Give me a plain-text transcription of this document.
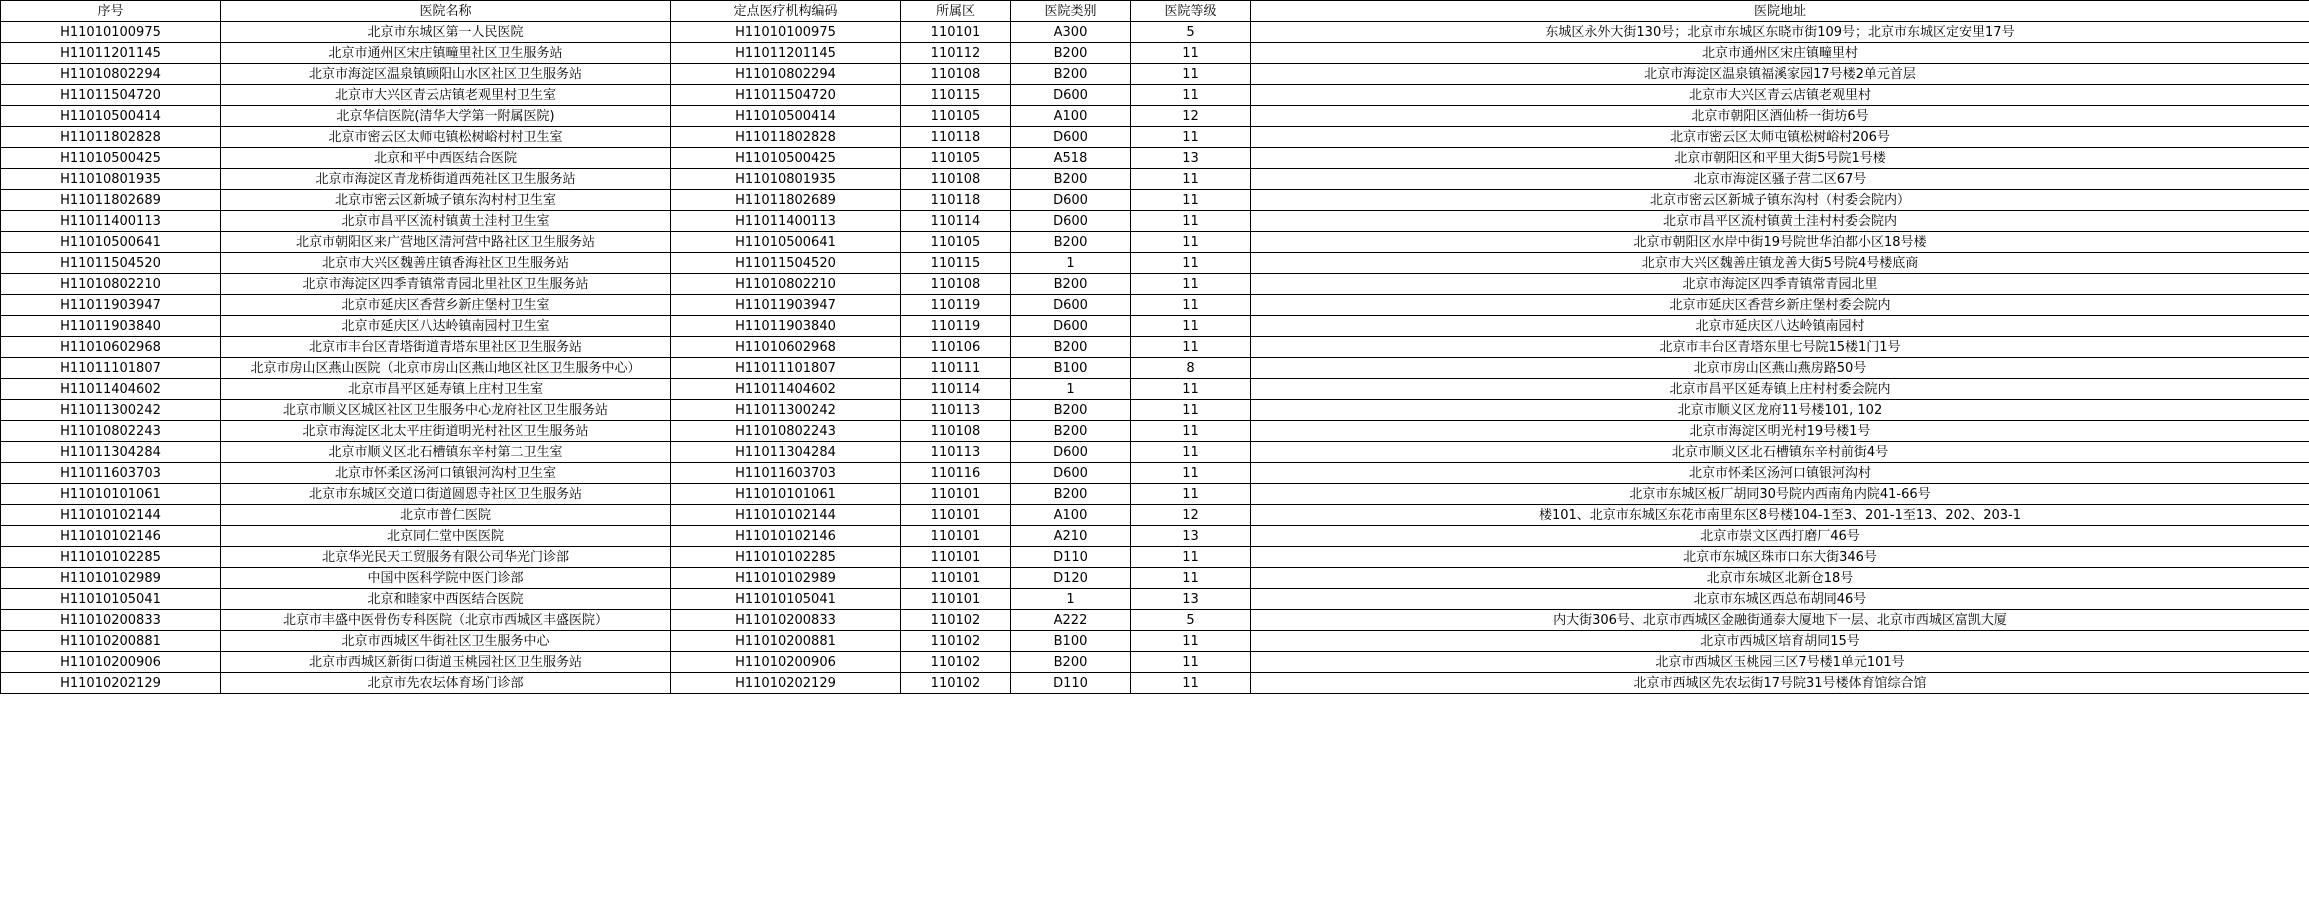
序号	医院名称	定点医疗机构编码	所属区	医院类别	医院等级	医院地址
H11010100975	北京市东城区第一人民医院	H11010100975	110101	A300	5	东城区永外大街130号；北京市东城区东晓市街109号；北京市东城区定安里17号
H11011201145	北京市通州区宋庄镇疃里社区卫生服务站	H11011201145	110112	B200	11	北京市通州区宋庄镇疃里村
H11010802294	北京市海淀区温泉镇顾阳山水区社区卫生服务站	H11010802294	110108	B200	11	北京市海淀区温泉镇福溪家园17号楼2单元首层
H11011504720	北京市大兴区青云店镇老观里村卫生室	H11011504720	110115	D600	11	北京市大兴区青云店镇老观里村
H11010500414	北京华信医院(清华大学第一附属医院)	H11010500414	110105	A100	12	北京市朝阳区酒仙桥一街坊6号
H11011802828	北京市密云区太师屯镇松树峪村村卫生室	H11011802828	110118	D600	11	北京市密云区太师屯镇松树峪村206号
H11010500425	北京和平中西医结合医院	H11010500425	110105	A518	13	北京市朝阳区和平里大街5号院1号楼
H11010801935	北京市海淀区青龙桥街道西苑社区卫生服务站	H11010801935	110108	B200	11	北京市海淀区骚子营二区67号
H11011802689	北京市密云区新城子镇东沟村村卫生室	H11011802689	110118	D600	11	北京市密云区新城子镇东沟村（村委会院内）
H11011400113	北京市昌平区流村镇黄土洼村卫生室	H11011400113	110114	D600	11	北京市昌平区流村镇黄土洼村村委会院内
H11010500641	北京市朝阳区来广营地区清河营中路社区卫生服务站	H11010500641	110105	B200	11	北京市朝阳区水岸中街19号院世华泊都小区18号楼
H11011504520	北京市大兴区魏善庄镇香海社区卫生服务站	H11011504520	110115	1	11	北京市大兴区魏善庄镇龙善大街5号院4号楼底商
H11010802210	北京市海淀区四季青镇常青园北里社区卫生服务站	H11010802210	110108	B200	11	北京市海淀区四季青镇常青园北里
H11011903947	北京市延庆区香营乡新庄堡村卫生室	H11011903947	110119	D600	11	北京市延庆区香营乡新庄堡村委会院内
H11011903840	北京市延庆区八达岭镇南园村卫生室	H11011903840	110119	D600	11	北京市延庆区八达岭镇南园村
H11010602968	北京市丰台区青塔街道青塔东里社区卫生服务站	H11010602968	110106	B200	11	北京市丰台区青塔东里七号院15楼1门1号
H11011101807	北京市房山区燕山医院（北京市房山区燕山地区社区卫生服务中心）	H11011101807	110111	B100	8	北京市房山区燕山燕房路50号
H11011404602	北京市昌平区延寿镇上庄村卫生室	H11011404602	110114	1	11	北京市昌平区延寿镇上庄村村委会院内
H11011300242	北京市顺义区城区社区卫生服务中心龙府社区卫生服务站	H11011300242	110113	B200	11	北京市顺义区龙府11号楼101, 102
H11010802243	北京市海淀区北太平庄街道明光村社区卫生服务站	H11010802243	110108	B200	11	北京市海淀区明光村19号楼1号
H11011304284	北京市顺义区北石槽镇东辛村第二卫生室	H11011304284	110113	D600	11	北京市顺义区北石槽镇东辛村前街4号
H11011603703	北京市怀柔区汤河口镇银河沟村卫生室	H11011603703	110116	D600	11	北京市怀柔区汤河口镇银河沟村
H11010101061	北京市东城区交道口街道圆恩寺社区卫生服务站	H11010101061	110101	B200	11	北京市东城区板厂胡同30号院内西南角内院41-66号
H11010102144	北京市普仁医院	H11010102144	110101	A100	12	楼101、北京市东城区东花市南里东区8号楼104-1至3、201-1至13、202、203-1
H11010102146	北京同仁堂中医医院	H11010102146	110101	A210	13	北京市崇文区西打磨厂46号
H11010102285	北京华光民天工贸服务有限公司华光门诊部	H11010102285	110101	D110	11	北京市东城区珠市口东大街346号
H11010102989	中国中医科学院中医门诊部	H11010102989	110101	D120	11	北京市东城区北新仓18号
H11010105041	北京和睦家中西医结合医院	H11010105041	110101	1	13	北京市东城区西总布胡同46号
H11010200833	北京市丰盛中医骨伤专科医院（北京市西城区丰盛医院）	H11010200833	110102	A222	5	内大街306号、北京市西城区金融街通泰大厦地下一层、北京市西城区富凯大厦
H11010200881	北京市西城区牛街社区卫生服务中心	H11010200881	110102	B100	11	北京市西城区培育胡同15号
H11010200906	北京市西城区新街口街道玉桃园社区卫生服务站	H11010200906	110102	B200	11	北京市西城区玉桃园三区7号楼1单元101号
H11010202129	北京市先农坛体育场门诊部	H11010202129	110102	D110	11	北京市西城区先农坛街17号院31号楼体育馆综合馆
